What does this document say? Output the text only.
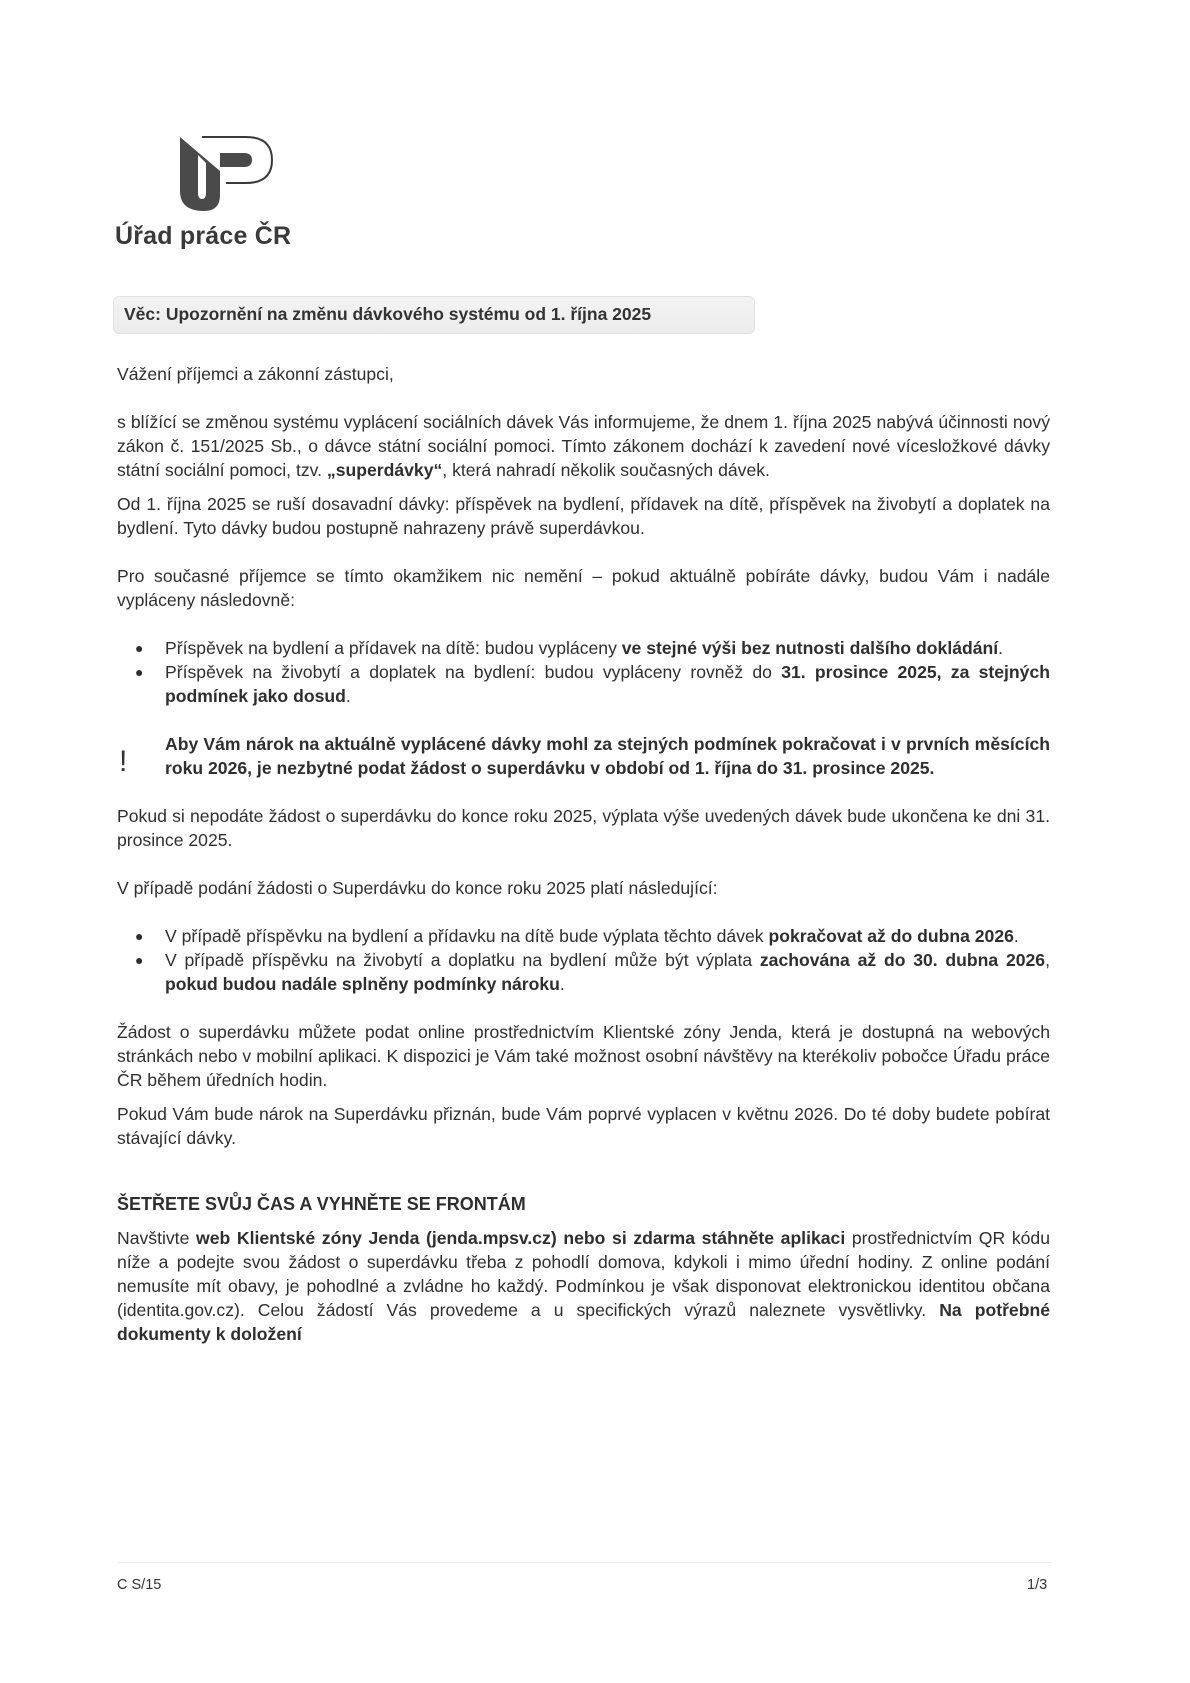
Úřad práce ČR
Věc: Upozornění na změnu dávkového systému od 1. října 2025

Vážení příjemci a zákonní zástupci,

s blížící se změnou systému vyplácení sociálních dávek Vás informujeme, že dnem 1. října 2025 nabývá účinnosti nový zákon č. 151/2025 Sb., o dávce státní sociální pomoci. Tímto zákonem dochází k zavedení nové vícesložkové dávky státní sociální pomoci, tzv. „superdávky“, která nahradí několik současných dávek.

Od 1. října 2025 se ruší dosavadní dávky: příspěvek na bydlení, přídavek na dítě, příspěvek na živobytí a doplatek na bydlení. Tyto dávky budou postupně nahrazeny právě superdávkou.

Pro současné příjemce se tímto okamžikem nic nemění – pokud aktuálně pobíráte dávky, budou Vám i nadále vypláceny následovně:

● Příspěvek na bydlení a přídavek na dítě: budou vypláceny ve stejné výši bez nutnosti dalšího dokládání.
● Příspěvek na živobytí a doplatek na bydlení: budou vypláceny rovněž do 31. prosince 2025, za stejných podmínek jako dosud.
!
Aby Vám nárok na aktuálně vyplácené dávky mohl za stejných podmínek pokračovat i v prvních měsících roku 2026, je nezbytné podat žádost o superdávku v období od 1. října do 31. prosince 2025.

Pokud si nepodáte žádost o superdávku do konce roku 2025, výplata výše uvedených dávek bude ukončena ke dni 31. prosince 2025.

V případě podání žádosti o Superdávku do konce roku 2025 platí následující:

● V případě příspěvku na bydlení a přídavku na dítě bude výplata těchto dávek pokračovat až do dubna 2026.
● V případě příspěvku na živobytí a doplatku na bydlení může být výplata zachována až do 30. dubna 2026, pokud budou nadále splněny podmínky nároku.

Žádost o superdávku můžete podat online prostřednictvím Klientské zóny Jenda, která je dostupná na webových stránkách nebo v mobilní aplikaci. K dispozici je Vám také možnost osobní návštěvy na kterékoliv pobočce Úřadu práce ČR během úředních hodin.

Pokud Vám bude nárok na Superdávku přiznán, bude Vám poprvé vyplacen v květnu 2026. Do té doby budete pobírat stávající dávky.

ŠETŘETE SVŮJ ČAS A VYHNĚTE SE FRONTÁM

Navštivte web Klientské zóny Jenda (jenda.mpsv.cz) nebo si zdarma stáhněte aplikaci prostřednictvím QR kódu níže a podejte svou žádost o superdávku třeba z pohodlí domova, kdykoli i mimo úřední hodiny. Z online podání nemusíte mít obavy, je pohodlné a zvládne ho každý. Podmínkou je však disponovat elektronickou identitou občana (identita.gov.cz). Celou žádostí Vás provedeme a u specifických výrazů naleznete vysvětlivky. Na potřebné dokumenty k doložení

C S/15	1/3
